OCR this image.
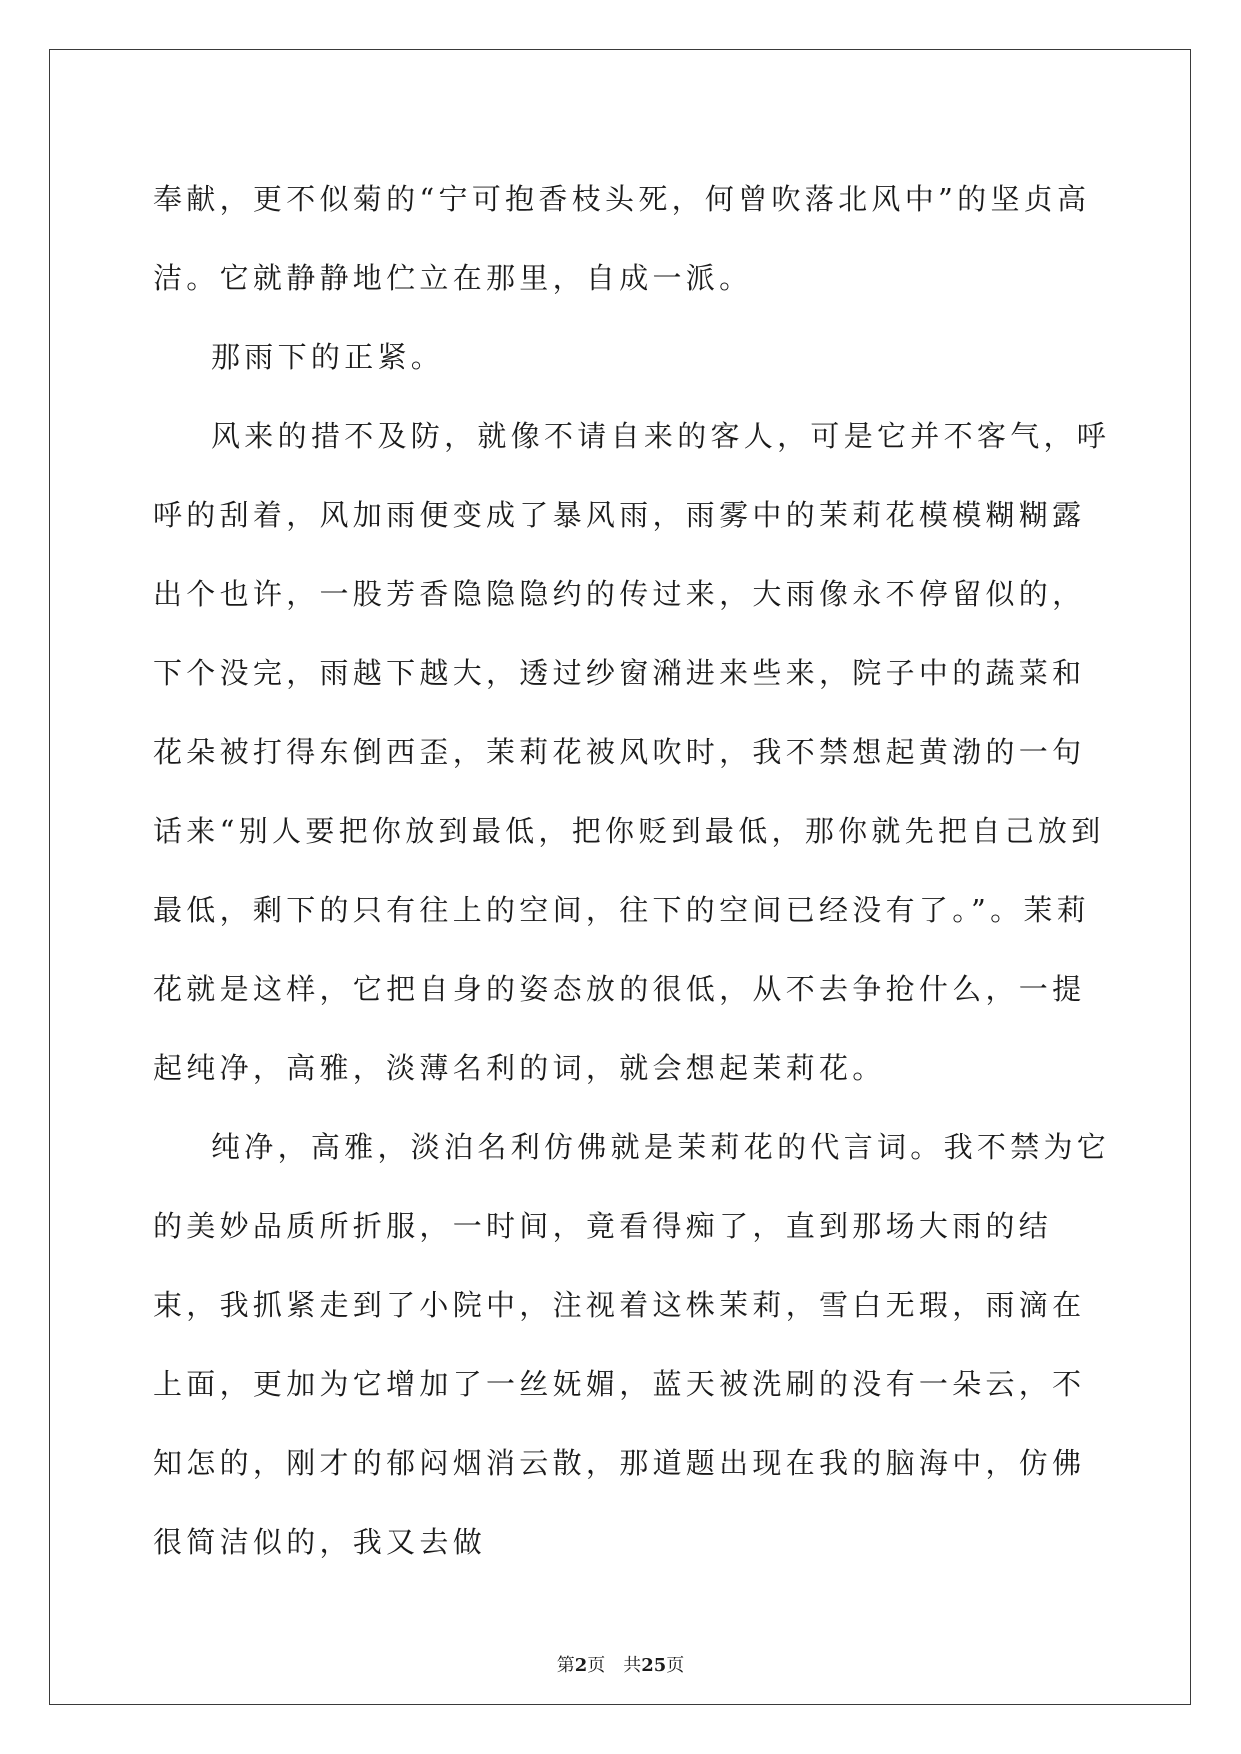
奉献，更不似菊的“宁可抱香枝头死，何曾吹落北风中”的坚贞高洁。它就静静地伫立在那里，自成一派。

那雨下的正紧。

风来的措不及防，就像不请自来的客人，可是它并不客气，呼呼的刮着，风加雨便变成了暴风雨，雨雾中的茉莉花模模糊糊露出个也许，一股芳香隐隐隐约的传过来，大雨像永不停留似的，下个没完，雨越下越大，透过纱窗潲进来些来，院子中的蔬菜和花朵被打得东倒西歪，茉莉花被风吹时，我不禁想起黄渤的一句话来“别人要把你放到最低，把你贬到最低，那你就先把自己放到最低，剩下的只有往上的空间，往下的空间已经没有了。”。茉莉花就是这样，它把自身的姿态放的很低，从不去争抢什么，一提起纯净，高雅，淡薄名利的词，就会想起茉莉花。

纯净，高雅，淡泊名利仿佛就是茉莉花的代言词。我不禁为它的美妙品质所折服，一时间，竟看得痴了，直到那场大雨的结束，我抓紧走到了小院中，注视着这株茉莉，雪白无瑕，雨滴在上面，更加为它增加了一丝妩媚，蓝天被洗刷的没有一朵云，不知怎的，刚才的郁闷烟消云散，那道题出现在我的脑海中，仿佛很简洁似的，我又去做

第2页 共25页
